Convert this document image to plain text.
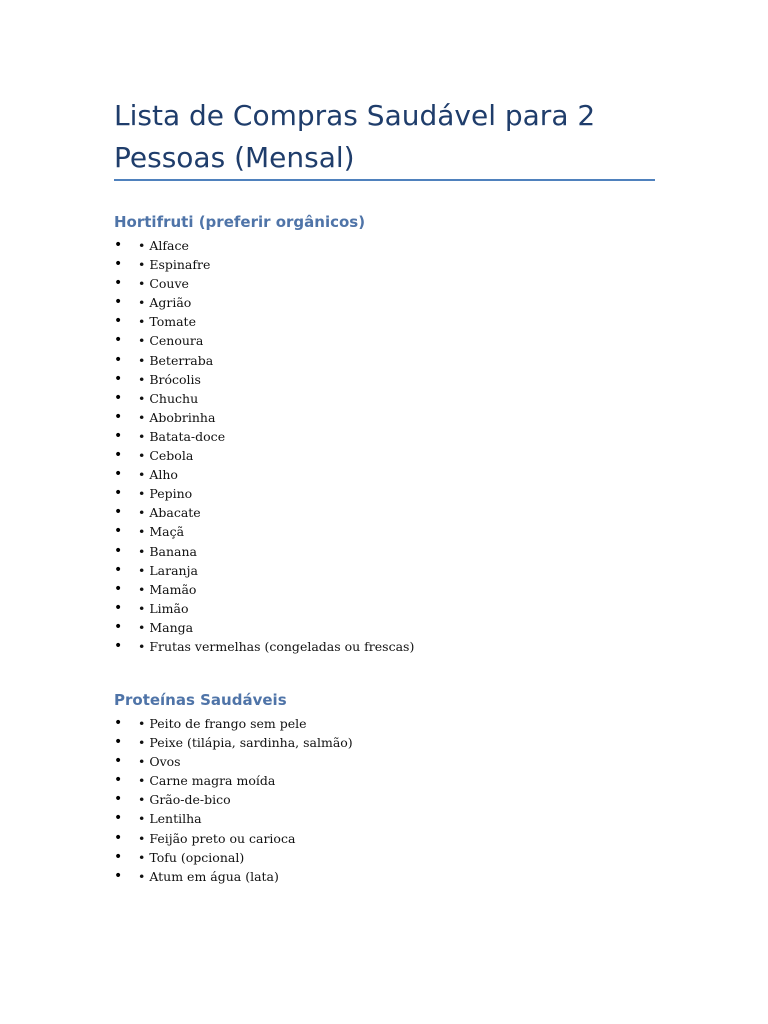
Lista de Compras Saudável para 2 Pessoas (Mensal)
Hortifruti (preferir orgânicos)
• • Alface
• • Espinafre
• • Couve
• • Agrião
• • Tomate
• • Cenoura
• • Beterraba
• • Brócolis
• • Chuchu
• • Abobrinha
• • Batata-doce
• • Cebola
• • Alho
• • Pepino
• • Abacate
• • Maçã
• • Banana
• • Laranja
• • Mamão
• • Limão
• • Manga
• • Frutas vermelhas (congeladas ou frescas)
Proteínas Saudáveis
• • Peito de frango sem pele
• • Peixe (tilápia, sardinha, salmão)
• • Ovos
• • Carne magra moída
• • Grão-de-bico
• • Lentilha
• • Feijão preto ou carioca
• • Tofu (opcional)
• • Atum em água (lata)
